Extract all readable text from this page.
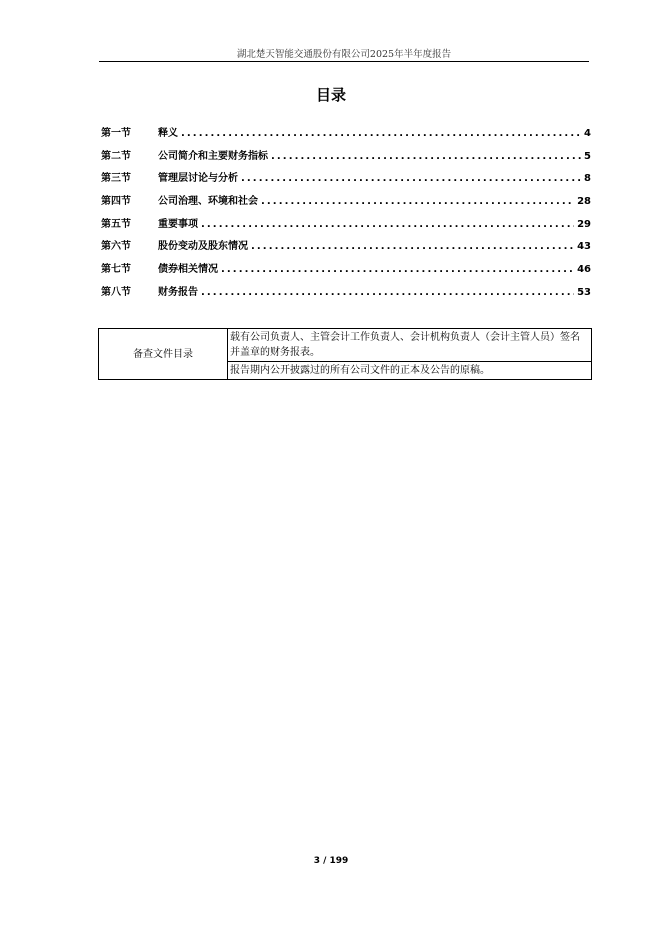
湖北楚天智能交通股份有限公司2025年半年度报告
目录
第一节	释义 .....	4
第二节	公司简介和主要财务指标 .....	5
第三节	管理层讨论与分析 .....	8
第四节	公司治理、环境和社会 .....	28
第五节	重要事项 .....	29
第六节	股份变动及股东情况 .....	43
第七节	债券相关情况 .....	46
第八节	财务报告 .....	53
备查文件目录	载有公司负责人、主管会计工作负责人、会计机构负责人（会计主管人员）签名并盖章的财务报表。
报告期内公开披露过的所有公司文件的正本及公告的原稿。
3 / 199
